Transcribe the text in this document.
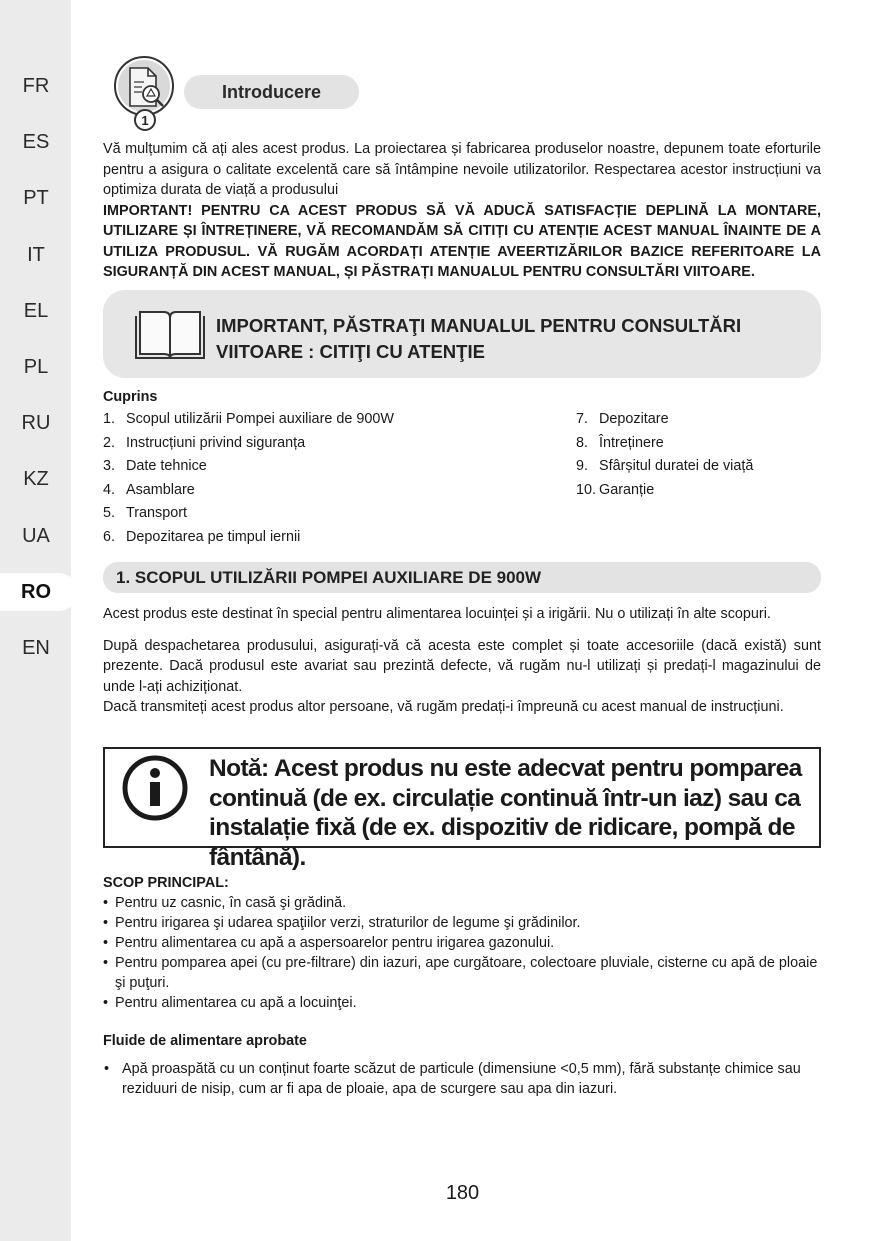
FR
ES
PT
IT
EL
PL
RU
KZ
UA
RO
EN
1
Introducere

Vă mulțumim că ați ales acest produs. La proiectarea și fabricarea produselor noastre, depunem toate eforturile pentru a asigura o calitate excelentă care să întâmpine nevoile utilizatorilor. Respectarea acestor instrucțiuni va optimiza durata de viață a produsului

IMPORTANT! PENTRU CA ACEST PRODUS SĂ VĂ ADUCĂ SATISFACȚIE DEPLINĂ LA MONTARE, UTILIZARE ȘI ÎNTREȚINERE, VĂ RECOMANDĂM SĂ CITIȚI CU ATENȚIE ACEST MANUAL ÎNAINTE DE A UTILIZA PRODUSUL. VĂ RUGĂM ACORDAȚI ATENȚIE AVEERTIZĂRILOR BAZICE REFERITOARE LA SIGURANȚĂ DIN ACEST MANUAL, ȘI PĂSTRAȚI MANUALUL PENTRU CONSULTĂRI VIITOARE.

IMPORTANT, PĂSTRAŢI MANUALUL PENTRU CONSULTĂRI
VIITOARE : CITIŢI CU ATENŢIE
Cuprins
1. Scopul utilizării Pompei auxiliare de 900W
2. Instrucțiuni privind siguranța
3. Date tehnice
4. Asamblare
5. Transport
6. Depozitarea pe timpul iernii
7. Depozitare
8. Întreținere
9. Sfârșitul duratei de viață
10. Garanție
1. SCOPUL UTILIZĂRII POMPEI AUXILIARE DE 900W

Acest produs este destinat în special pentru alimentarea locuinței și a irigării. Nu o utilizați în alte scopuri.

După despachetarea produsului, asigurați-vă că acesta este complet și toate accesoriile (dacă există) sunt prezente. Dacă produsul este avariat sau prezintă defecte, vă rugăm nu-l utilizați și predați-l magazinului de unde l-ați achiziționat.

Dacă transmiteți acest produs altor persoane, vă rugăm predați-i împreună cu acest manual de instrucțiuni.

Notă: Acest produs nu este adecvat pentru pomparea continuă (de ex. circulație continuă într-un iaz) sau ca instalație fixă (de ex. dispozitiv de ridicare, pompă de fântână).
SCOP PRINCIPAL:
• Pentru uz casnic, în casă şi grădină.
• Pentru irigarea şi udarea spaţiilor verzi, straturilor de legume şi grădinilor.
• Pentru alimentarea cu apă a aspersoarelor pentru irigarea gazonului.
• Pentru pomparea apei (cu pre-filtrare) din iazuri, ape curgătoare, colectoare pluviale, cisterne cu apă de ploaie şi puţuri.
• Pentru alimentarea cu apă a locuinţei.
Fluide de alimentare aprobate
• Apă proaspătă cu un conținut foarte scăzut de particule (dimensiune <0,5 mm), fără substanțe chimice sau reziduuri de nisip, cum ar fi apa de ploaie, apa de scurgere sau apa din iazuri.
180
